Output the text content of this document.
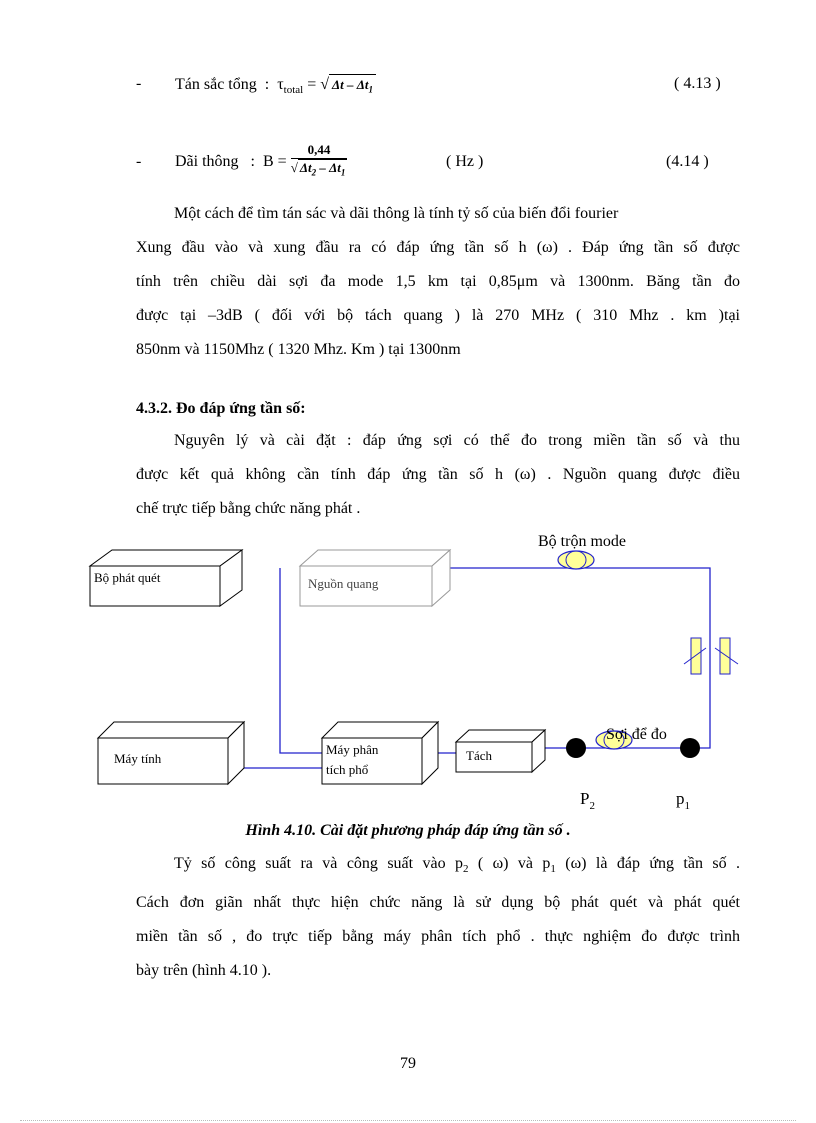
- Tán sắc tổng : $\tau_{total}$ = √ Δt – $\Delta t_1$	( 4.13 )
- Dãi thông
:
B
=
$\frac{0,44}{√ \Delta t_2 - \Delta t_1}$	( Hz )	(4.14 )

Một cách để tìm tán sác và dãi thông là tính tỷ số của biến đổi fourier

Xung đầu vào và xung đầu ra có đáp ứng tần số h (ω) . Đáp ứng tần số được

tính trên chiều dài sợi đa mode 1,5 km tại 0,85μm và 1300nm. Băng tần đo

được tại –3dB ( đối với bộ tách quang ) là 270 MHz ( 310 Mhz . km )tại

850nm và 1150Mhz ( 1320 Mhz. Km ) tại 1300nm

4.3.2. Đo đáp ứng tần số:

Nguyên lý và cài đặt : đáp ứng sợi có thể đo trong miền tần số và thu

được kết quả không cần tính đáp ứng tần số h (ω) . Nguồn quang được điều

chế trực tiếp bằng chức năng phát .

Bộ phát quét	Nguồn quang
Bộ trộn mode
Máy tính
Máy phân
tích phổ
Tách
Sợi để đo
$P_2$	$p_1$
Hình 4.10. Cài đặt phương pháp đáp ứng tần số .

Tỷ số công suất ra và công suất vào $p_2$ ( ω) và $p_1$ (ω) là đáp ứng tần số .

Cách đơn giãn nhất thực hiện chức năng là sử dụng bộ phát quét và phát quét

miền tần số , đo trực tiếp bằng máy phân tích phổ . thực nghiệm đo được trình

bày trên (hình 4.10 ).

79
